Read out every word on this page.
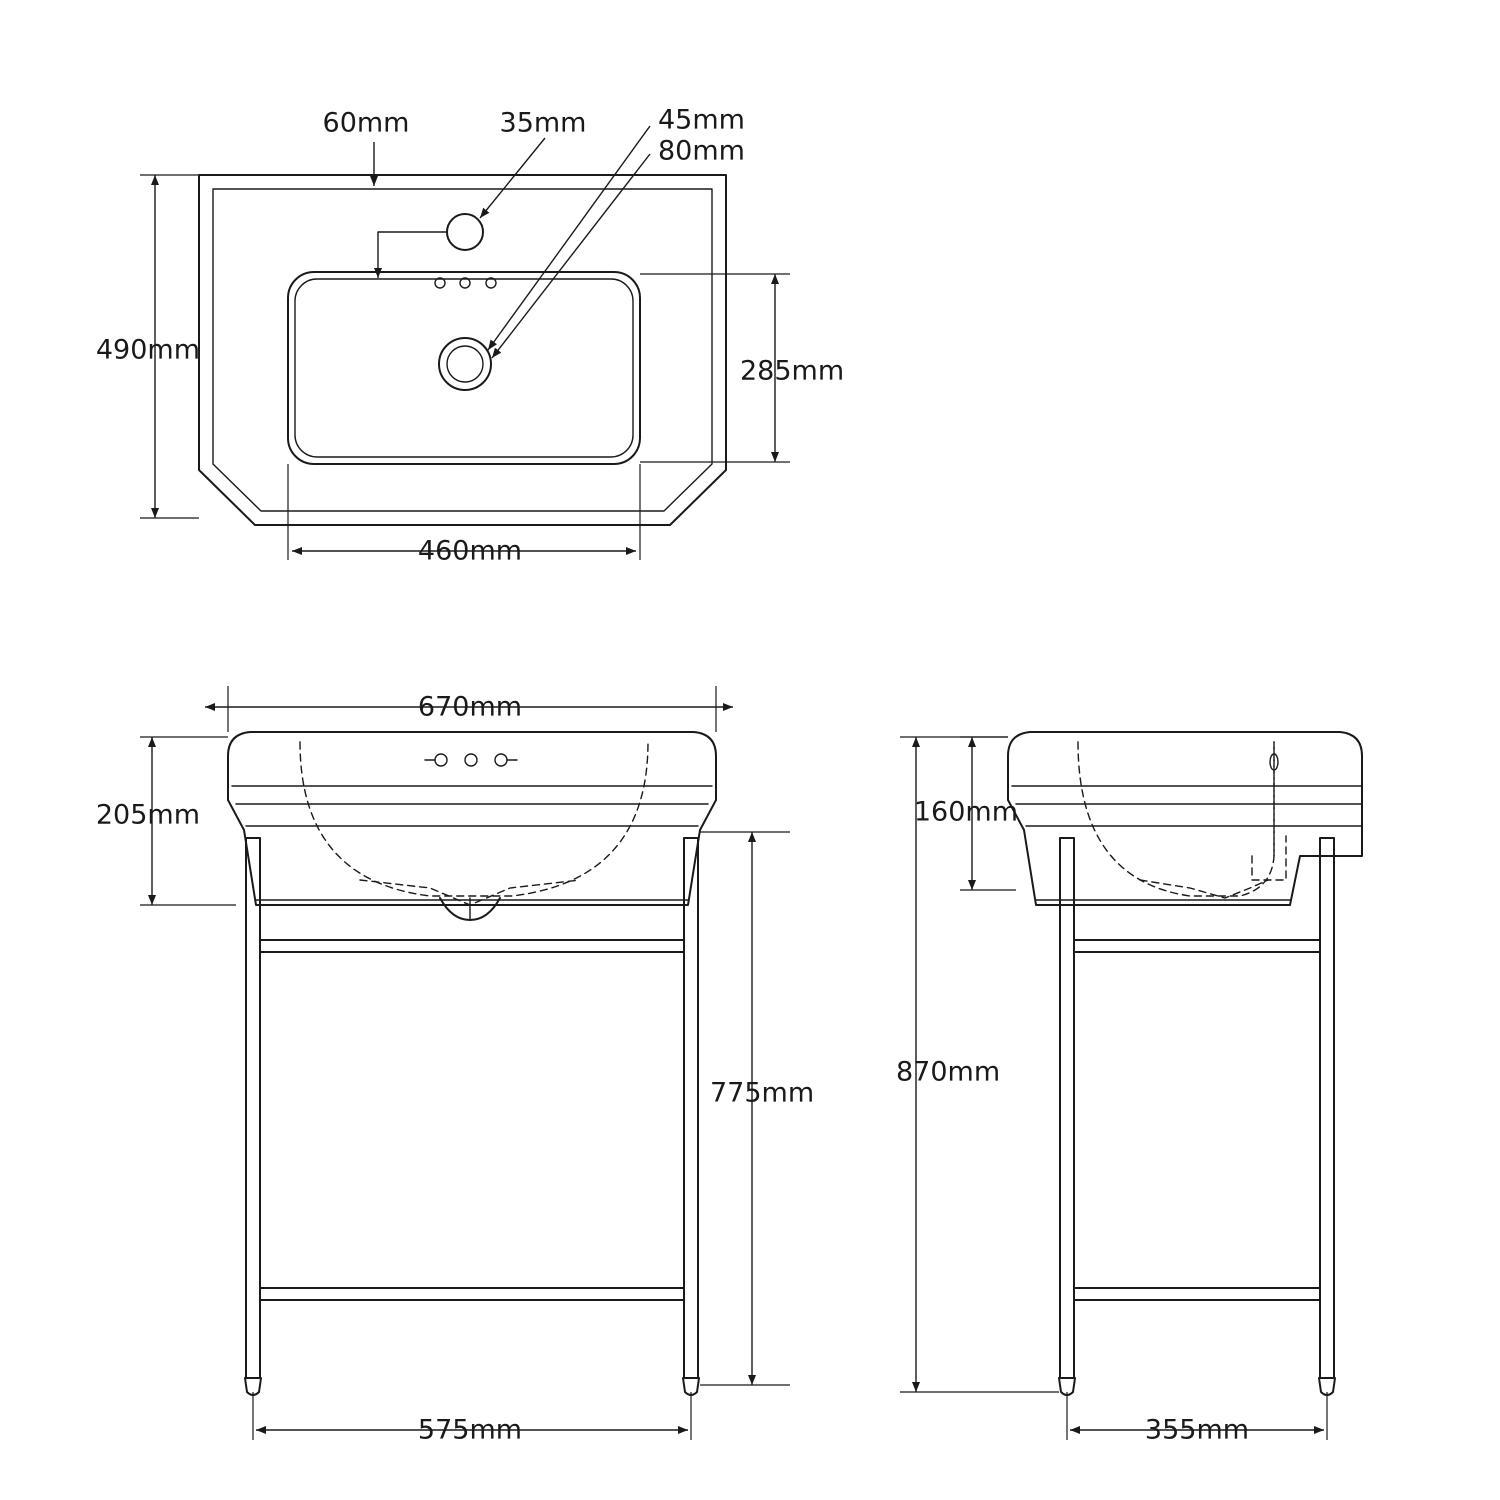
490mm
460mm
285mm
60mm	35mm	45mm
80mm
670mm
205mm
775mm
575mm
160mm
870mm
355mm
